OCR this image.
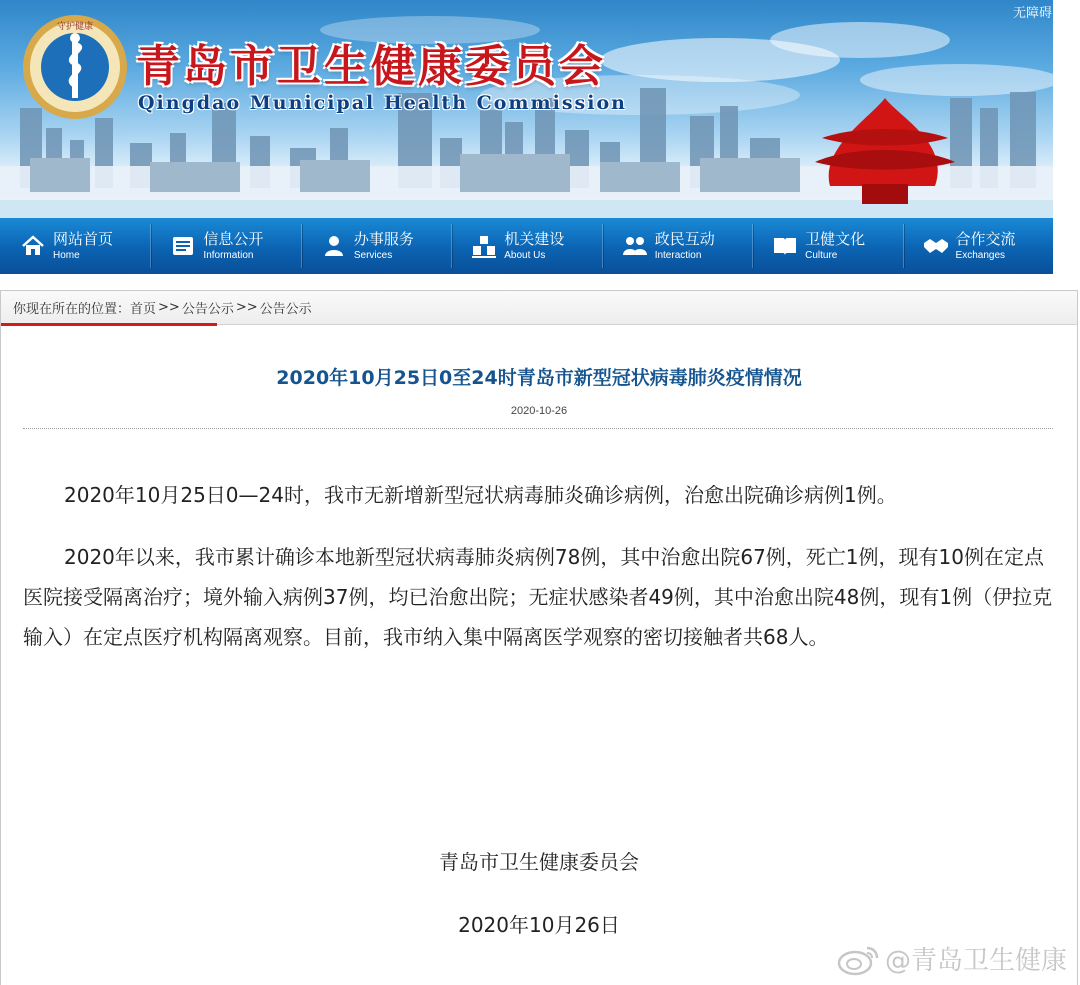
无障碍
守护健康
青岛市卫生健康委员会
Qingdao Municipal Health Commission
网站首页
Home
信息公开
Information
办事服务
Services
机关建设
About Us
政民互动
Interaction
卫健文化
Culture
合作交流
Exchanges
你现在所在的位置： 首页 >> 公告公示 >> 公告公示
2020年10月25日0至24时青岛市新型冠状病毒肺炎疫情情况
2020-10-26

2020年10月25日0—24时，我市无新增新型冠状病毒肺炎确诊病例，治愈出院确诊病例1例。

2020年以来，我市累计确诊本地新型冠状病毒肺炎病例78例，其中治愈出院67例，死亡1例，现有10例在定点医院接受隔离治疗；境外输入病例37例，均已治愈出院；无症状感染者49例，其中治愈出院48例，现有1例（伊拉克输入）在定点医疗机构隔离观察。目前，我市纳入集中隔离医学观察的密切接触者共68人。

青岛市卫生健康委员会
2020年10月26日
@青岛卫生健康
